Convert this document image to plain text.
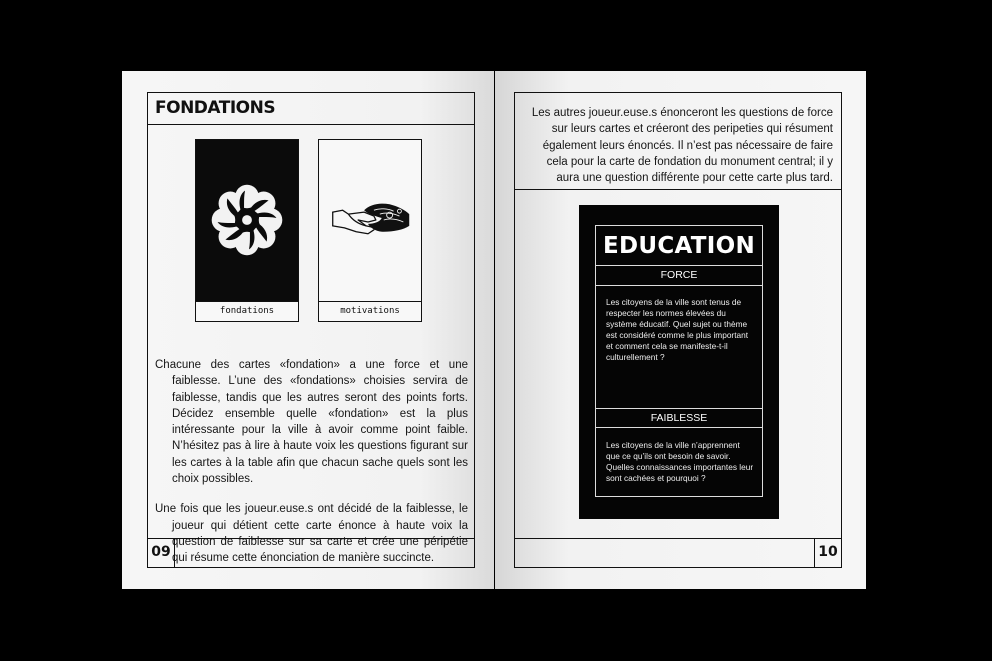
FONDATIONS
fondations	motivations

Chacune des cartes «fondation» a une force et une faiblesse. L’une des «fondations» choisies servira de faiblesse, tandis que les autres seront des points forts. Décidez ensemble quelle «fondation» est la plus intéressante pour la ville à avoir comme point faible. N’hésitez pas à lire à haute voix les questions figurant sur les cartes à la table afin que chacun sache quels sont les choix possibles.

Une fois que les joueur.euse.s ont décidé de la faiblesse, le joueur qui détient cette carte énonce à haute voix la question de faiblesse sur sa carte et crée une péripétie qui résume cette énonciation de manière succincte.

09

Les autres joueur.euse.s énonceront les questions de force sur leurs cartes et créeront des peripeties qui résument également leurs énoncés. Il n’est pas nécessaire de faire cela pour la carte de fondation du monument central; il y aura une question différente pour cette carte plus tard.

EDUCATION
FORCE
Les citoyens de la ville sont tenus de respecter les normes élevées du système éducatif. Quel sujet ou thème est considéré comme le plus important et comment cela se manifeste-t-il culturellement ?
FAIBLESSE
Les citoyens de la ville n’apprennent que ce qu’ils ont besoin de savoir. Quelles connaissances importantes leur sont cachées et pourquoi ?
10
